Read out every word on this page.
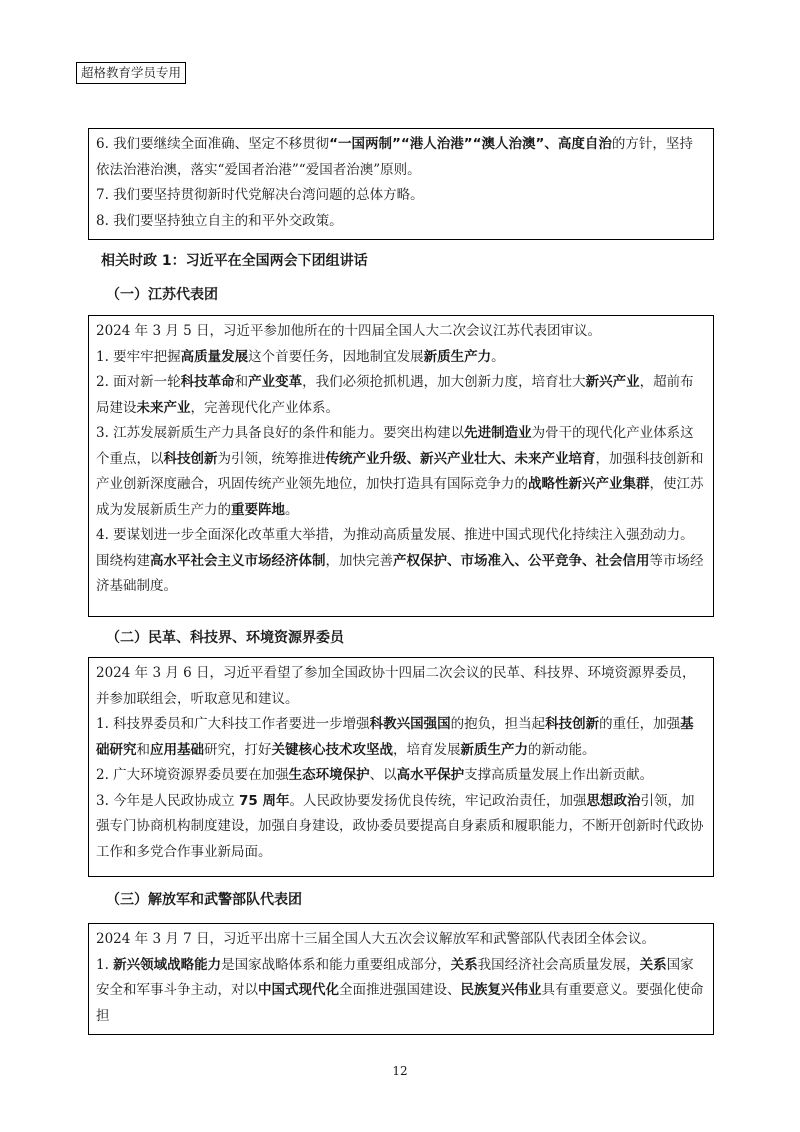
超格教育学员专用

6. 我们要继续全面准确、坚定不移贯彻“一国两制”“港人治港”“澳人治澳”、高度自治的方针，坚持依法治港治澳，落实“爱国者治港”“爱国者治澳”原则。

7. 我们要坚持贯彻新时代党解决台湾问题的总体方略。

8. 我们要坚持独立自主的和平外交政策。

相关时政 1：习近平在全国两会下团组讲话
（一）江苏代表团

2024 年 3 月 5 日，习近平参加他所在的十四届全国人大二次会议江苏代表团审议。

1. 要牢牢把握高质量发展这个首要任务，因地制宜发展新质生产力。

2. 面对新一轮科技革命和产业变革，我们必须抢抓机遇，加大创新力度，培育壮大新兴产业，超前布局建设未来产业，完善现代化产业体系。

3. 江苏发展新质生产力具备良好的条件和能力。要突出构建以先进制造业为骨干的现代化产业体系这个重点，以科技创新为引领，统筹推进传统产业升级、新兴产业壮大、未来产业培育，加强科技创新和产业创新深度融合，巩固传统产业领先地位，加快打造具有国际竞争力的战略性新兴产业集群，使江苏成为发展新质生产力的重要阵地。

4. 要谋划进一步全面深化改革重大举措，为推动高质量发展、推进中国式现代化持续注入强劲动力。围绕构建高水平社会主义市场经济体制，加快完善产权保护、市场准入、公平竞争、社会信用等市场经济基础制度。

（二）民革、科技界、环境资源界委员

2024 年 3 月 6 日，习近平看望了参加全国政协十四届二次会议的民革、科技界、环境资源界委员，并参加联组会，听取意见和建议。

1. 科技界委员和广大科技工作者要进一步增强科教兴国强国的抱负，担当起科技创新的重任，加强基础研究和应用基础研究，打好关键核心技术攻坚战，培育发展新质生产力的新动能。

2. 广大环境资源界委员要在加强生态环境保护、以高水平保护支撑高质量发展上作出新贡献。

3. 今年是人民政协成立 75 周年。人民政协要发扬优良传统，牢记政治责任，加强思想政治引领，加强专门协商机构制度建设，加强自身建设，政协委员要提高自身素质和履职能力，不断开创新时代政协工作和多党合作事业新局面。

（三）解放军和武警部队代表团

2024 年 3 月 7 日，习近平出席十三届全国人大五次会议解放军和武警部队代表团全体会议。

1. 新兴领域战略能力是国家战略体系和能力重要组成部分，关系我国经济社会高质量发展，关系国家安全和军事斗争主动，对以中国式现代化全面推进强国建设、民族复兴伟业具有重要意义。要强化使命担

12
